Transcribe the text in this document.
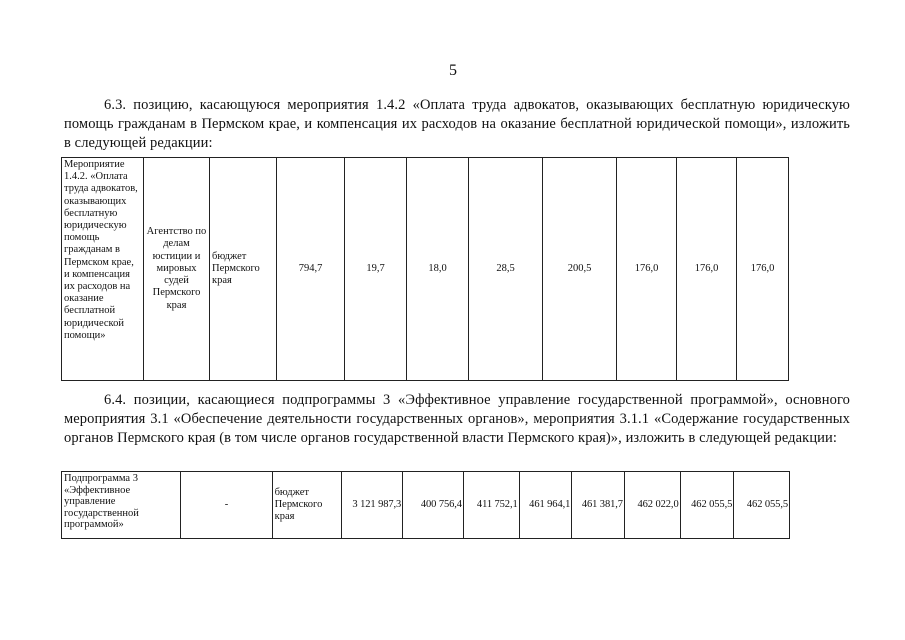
5

6.3. позицию, касающуюся мероприятия 1.4.2 «Оплата труда адвокатов, оказывающих бесплатную юридическую помощь гражданам в Пермском крае, и компенсация их расходов на оказание бесплатной юридической помощи», изложить в следующей редакции:

Мероприятие 1.4.2. «Оплата труда адвокатов, оказывающих бесплатную юридическую помощь гражданам в Пермском крае, и компенсация их расходов на оказание бесплатной юридической помощи»	Агентство по делам юстиции и мировых судей Пермского края	бюджет Пермского края	794,7	19,7	18,0	28,5	200,5	176,0	176,0	176,0

6.4. позиции, касающиеся подпрограммы 3 «Эффективное управление государственной программой», основного мероприятия 3.1 «Обеспечение деятельности государственных органов», мероприятия 3.1.1 «Содержание государственных органов Пермского края (в том числе органов государственной власти Пермского края)», изложить в следующей редакции:

Подпрограмма 3 «Эффективное управление государственной программой»	-	бюджет Пермского края	3 121 987,3	400 756,4	411 752,1	461 964,1	461 381,7	462 022,0	462 055,5	462 055,5
